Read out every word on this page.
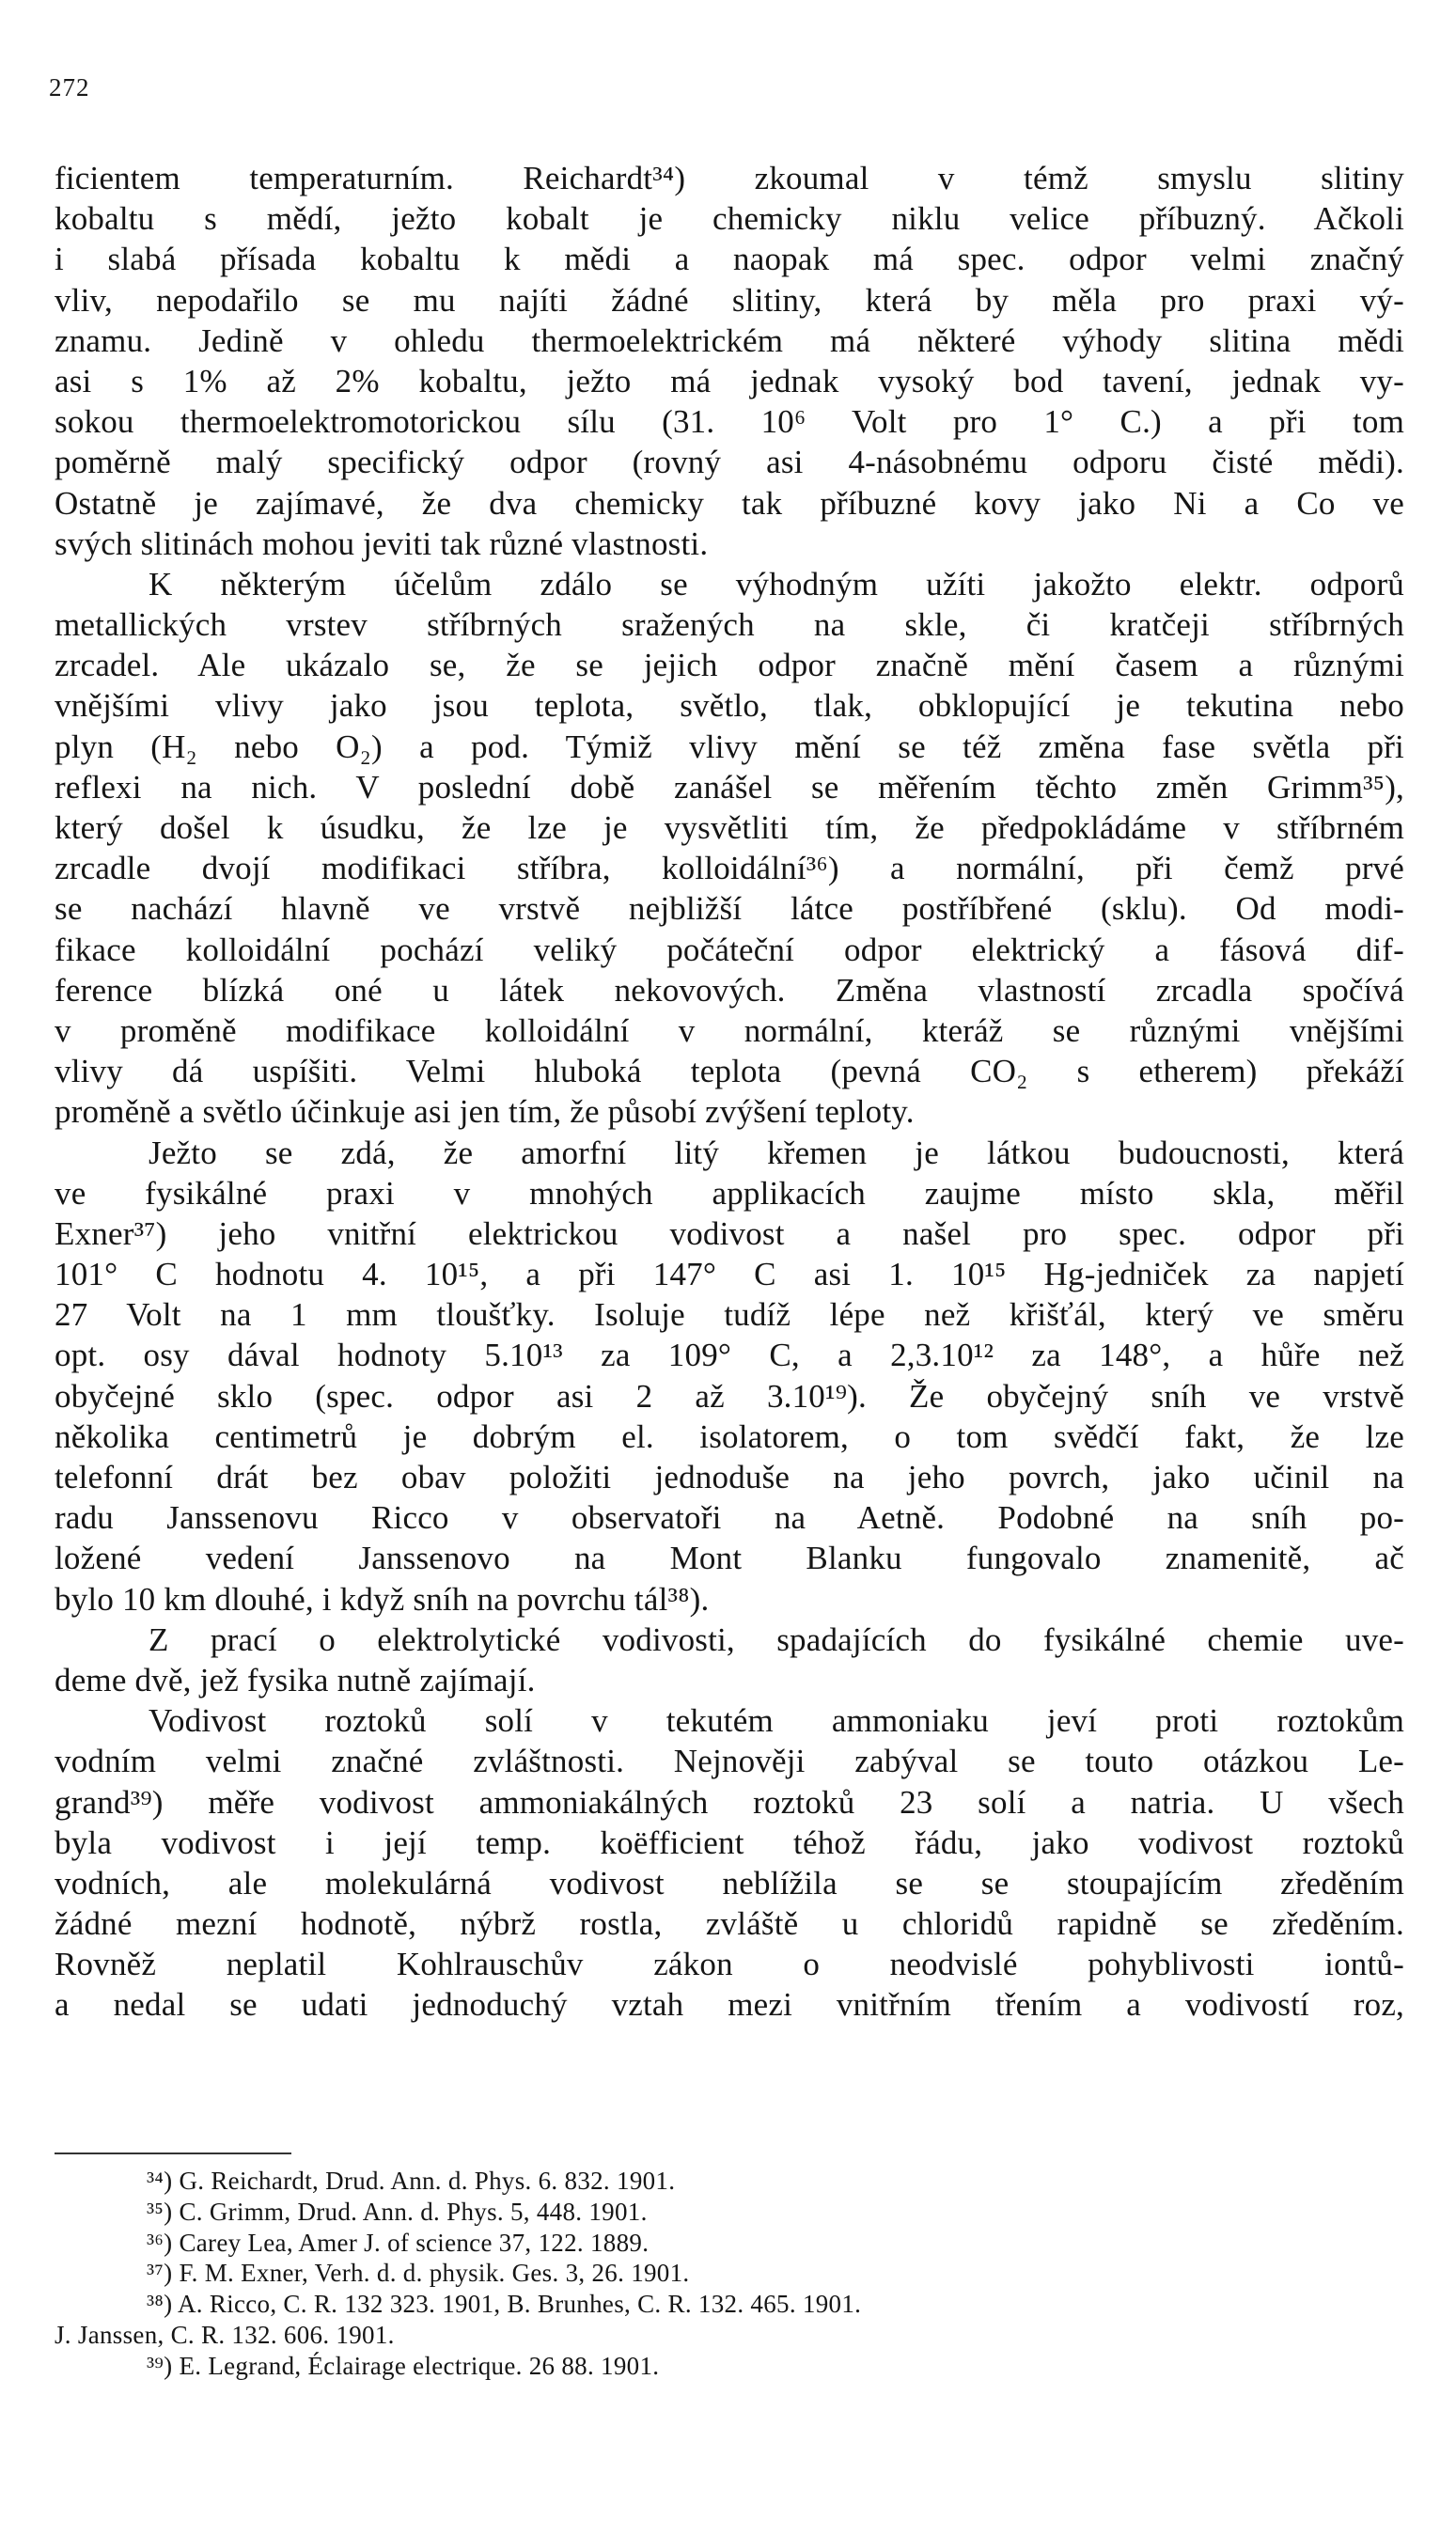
272
ficientem temperaturním. Reichardt³⁴) zkoumal v témž smyslu slitiny
kobaltu s mědí, ježto kobalt je chemicky niklu velice příbuzný. Ačkoli
i slabá přísada kobaltu k mědi a naopak má spec. odpor velmi značný
vliv, nepodařilo se mu najíti žádné slitiny, která by měla pro praxi vý-
znamu. Jedině v ohledu thermoelektrickém má některé výhody slitina mědi
asi s 1% až 2% kobaltu, ježto má jednak vysoký bod tavení, jednak vy-
sokou thermoelektromotorickou sílu (31. 10⁶ Volt pro 1° C.) a při tom
poměrně malý specifický odpor (rovný asi 4-násobnému odporu čisté mědi).
Ostatně je zajímavé, že dva chemicky tak příbuzné kovy jako Ni a Co ve
svých slitinách mohou jeviti tak různé vlastnosti.
K některým účelům zdálo se výhodným užíti jakožto elektr. odporů
metallických vrstev stříbrných sražených na skle, či kratčeji stříbrných
zrcadel. Ale ukázalo se, že se jejich odpor značně mění časem a různými
vnějšími vlivy jako jsou teplota, světlo, tlak, obklopující je tekutina nebo
plyn (H₂ nebo O₂) a pod. Týmiž vlivy mění se též změna fase světla při
reflexi na nich. V poslední době zanášel se měřením těchto změn Grimm³⁵),
který došel k úsudku, že lze je vysvětliti tím, že předpokládáme v stříbrném
zrcadle dvojí modifikaci stříbra, kolloidální³⁶) a normální, při čemž prvé
se nachází hlavně ve vrstvě nejbližší látce postříbřené (sklu). Od modi-
fikace kolloidální pochází veliký počáteční odpor elektrický a fásová dif-
ference blízká oné u látek nekovových. Změna vlastností zrcadla spočívá
v proměně modifikace kolloidální v normální, kteráž se různými vnějšími
vlivy dá uspíšiti. Velmi hluboká teplota (pevná CO₂ s etherem) překáží
proměně a světlo účinkuje asi jen tím, že působí zvýšení teploty.
Ježto se zdá, že amorfní litý křemen je látkou budoucnosti, která
ve fysikálné praxi v mnohých applikacích zaujme místo skla, měřil
Exner³⁷) jeho vnitřní elektrickou vodivost a našel pro spec. odpor při
101° C hodnotu 4. 10¹⁵, a při 147° C asi 1. 10¹⁵ Hg-jedniček za napjetí
27 Volt na 1 mm tloušťky. Isoluje tudíž lépe než křišťál, který ve směru
opt. osy dával hodnoty 5.10¹³ za 109° C, a 2,3.10¹² za 148°, a hůře než
obyčejné sklo (spec. odpor asi 2 až 3.10¹⁹). Že obyčejný sníh ve vrstvě
několika centimetrů je dobrým el. isolatorem, o tom svědčí fakt, že lze
telefonní drát bez obav položiti jednoduše na jeho povrch, jako učinil na
radu Janssenovu Ricco v observatoři na Aetně. Podobné na sníh po-
ložené vedení Janssenovo na Mont Blanku fungovalo znamenitě, ač
bylo 10 km dlouhé, i když sníh na povrchu tál³⁸).
Z prací o elektrolytické vodivosti, spadajících do fysikálné chemie uve-
deme dvě, jež fysika nutně zajímají.
Vodivost roztoků solí v tekutém ammoniaku jeví proti roztokům
vodním velmi značné zvláštnosti. Nejnověji zabýval se touto otázkou Le-
grand³⁹) měře vodivost ammoniakálných roztoků 23 solí a natria. U všech
byla vodivost i její temp. koëfficient téhož řádu, jako vodivost roztoků
vodních, ale molekulárná vodivost neblížila se se stoupajícím zředěním
žádné mezní hodnotě, nýbrž rostla, zvláště u chloridů rapidně se zředěním.
Rovněž neplatil Kohlrauschův zákon o neodvislé pohyblivosti iontů-
a nedal se udati jednoduchý vztah mezi vnitřním třením a vodivostí roz,
³⁴) G. Reichardt, Drud. Ann. d. Phys. 6. 832. 1901.
³⁵) C. Grimm, Drud. Ann. d. Phys. 5, 448. 1901.
³⁶) Carey Lea, Amer J. of science 37, 122. 1889.
³⁷) F. M. Exner, Verh. d. d. physik. Ges. 3, 26. 1901.
³⁸) A. Ricco, C. R. 132 323. 1901, B. Brunhes, C. R. 132. 465. 1901.
J. Janssen, C. R. 132. 606. 1901.
³⁹) E. Legrand, Éclairage electrique. 26 88. 1901.
